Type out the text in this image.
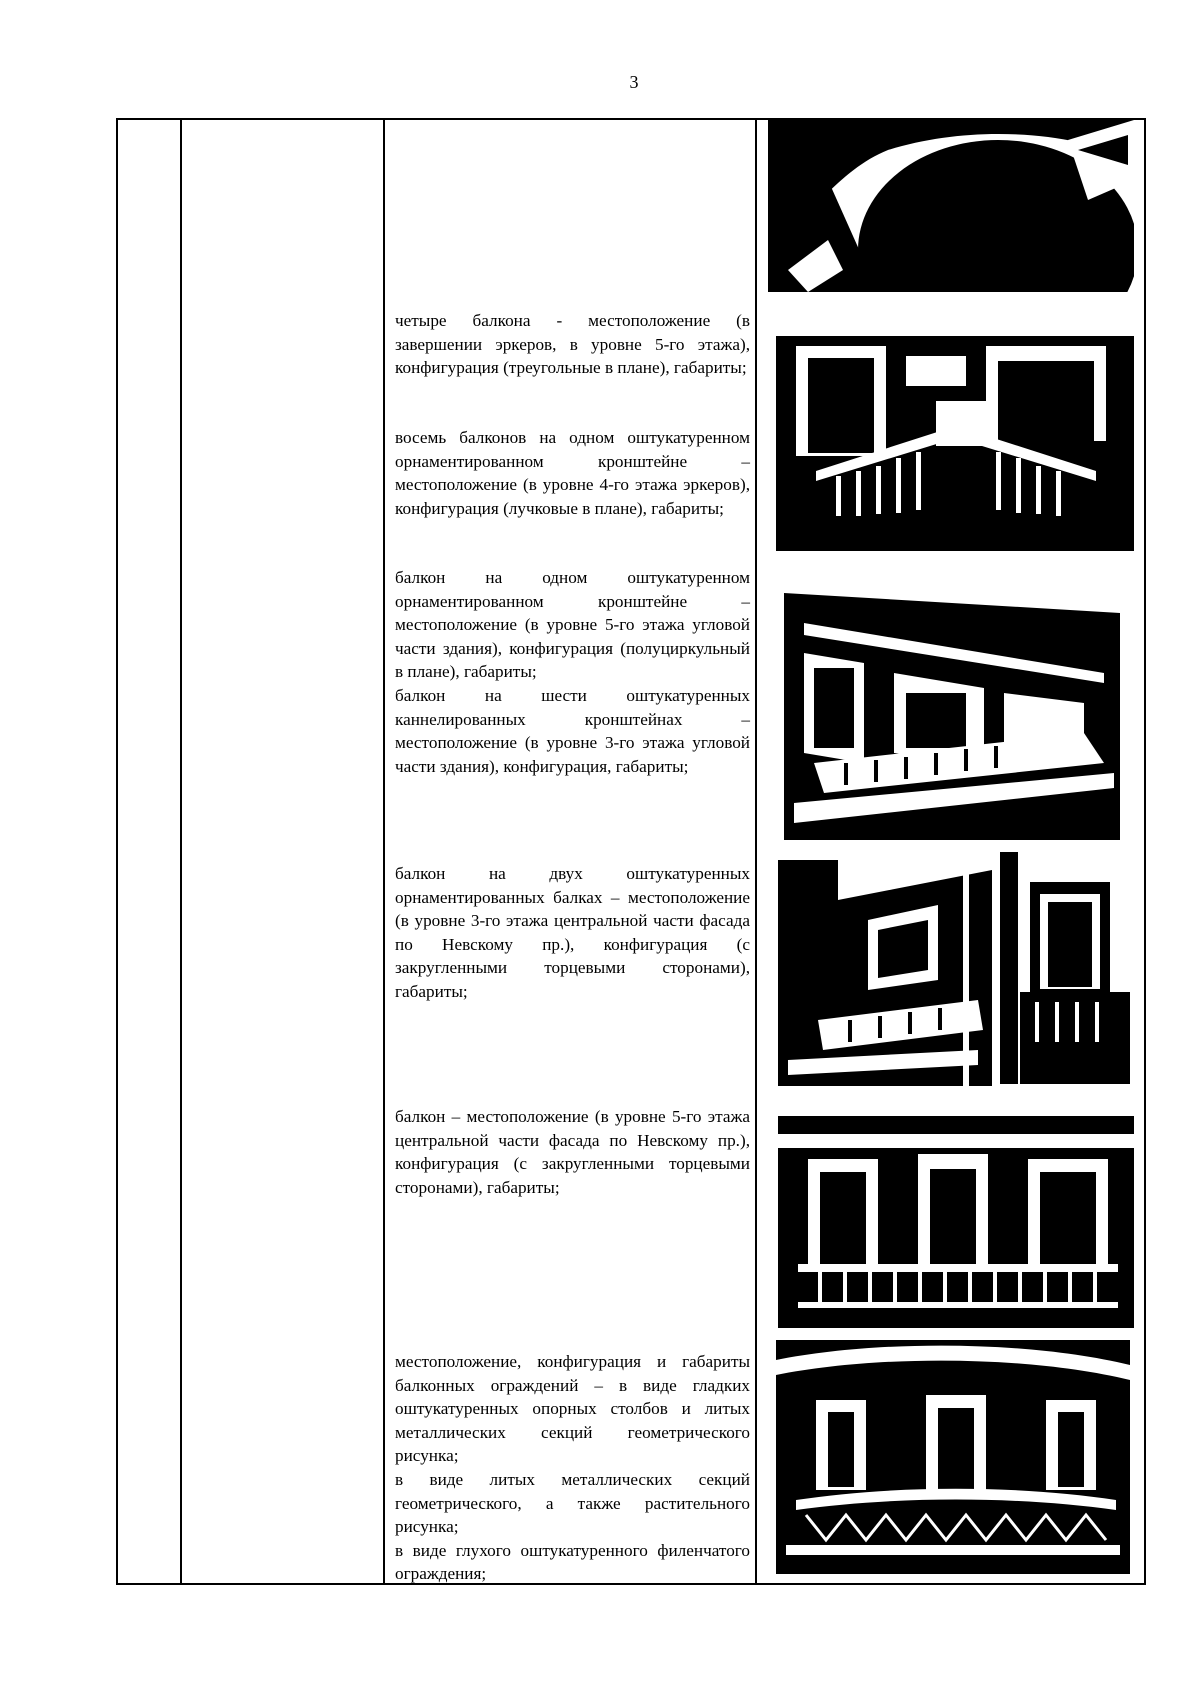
3

четыре балкона - местоположение (в завершении эркеров, в уровне 5-го этажа), конфигурация (треугольные в плане), габариты;

восемь балконов на одном оштукатуренном орнаментированном кронштейне – местоположение (в уровне 4-го этажа эркеров), конфигурация (лучковые в плане), габариты;

балкон на одном оштукатуренном орнаментированном кронштейне – местоположение (в уровне 5-го этажа угловой части здания), конфигурация (полуциркульный в плане), габариты;

балкон на шести оштукатуренных каннелированных кронштейнах – местоположение (в уровне 3-го этажа угловой части здания), конфигурация, габариты;

балкон на двух оштукатуренных орнаментированных балках – местоположение (в уровне 3-го этажа центральной части фасада по Невскому пр.), конфигурация (с закругленными торцевыми сторонами), габариты;

балкон – местоположение (в уровне 5-го этажа центральной части фасада по Невскому пр.), конфигурация (с закругленными торцевыми сторонами), габариты;

местоположение, конфигурация и габариты балконных ограждений – в виде гладких оштукатуренных опорных столбов и литых металлических секций геометрического рисунка;

в виде литых металлических секций геометрического, а также растительного рисунка;

в виде глухого оштукатуренного филенчатого ограждения;
